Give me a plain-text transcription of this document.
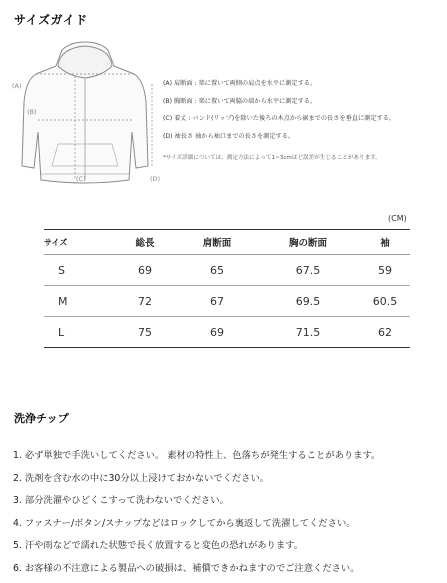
サイズガイド
(A)
(B)
(C)	(D)
(A) 肩断面 : 楽に置いて両側の肩点を水平に測定する。
(B) 胸断面 : 楽に置いて両脇の端から水平に測定する。
(C) 着丈 : バンド(リップ)を除いた後ろの木点から裾までの長さを垂直に測定する。
(D) 袖長さ 袖から袖口までの長さを測定する。
*サイズ詳細については、測定方法によって1~3cmほど誤差が生じることがあります。
(CM)
サイズ	総長	肩断面	胸の断面	袖
S	69	65	67.5	59
M	72	67	69.5	60.5
L	75	69	71.5	62
洗浄チップ
1. 必ず単独で手洗いしてください。 素材の特性上、色落ちが発生することがあります。
2. 洗剤を含む水の中に30分以上浸けておかないでください。
3. 部分洗濯やひどくこすって洗わないでください。
4. ファスナー/ボタン/スナップなどはロックしてから裏返して洗濯してください。
5. 汗や雨などで濡れた状態で長く放置すると変色の恐れがあります。
6. お客様の不注意による製品への破損は、補償できかねますのでご注意ください。
